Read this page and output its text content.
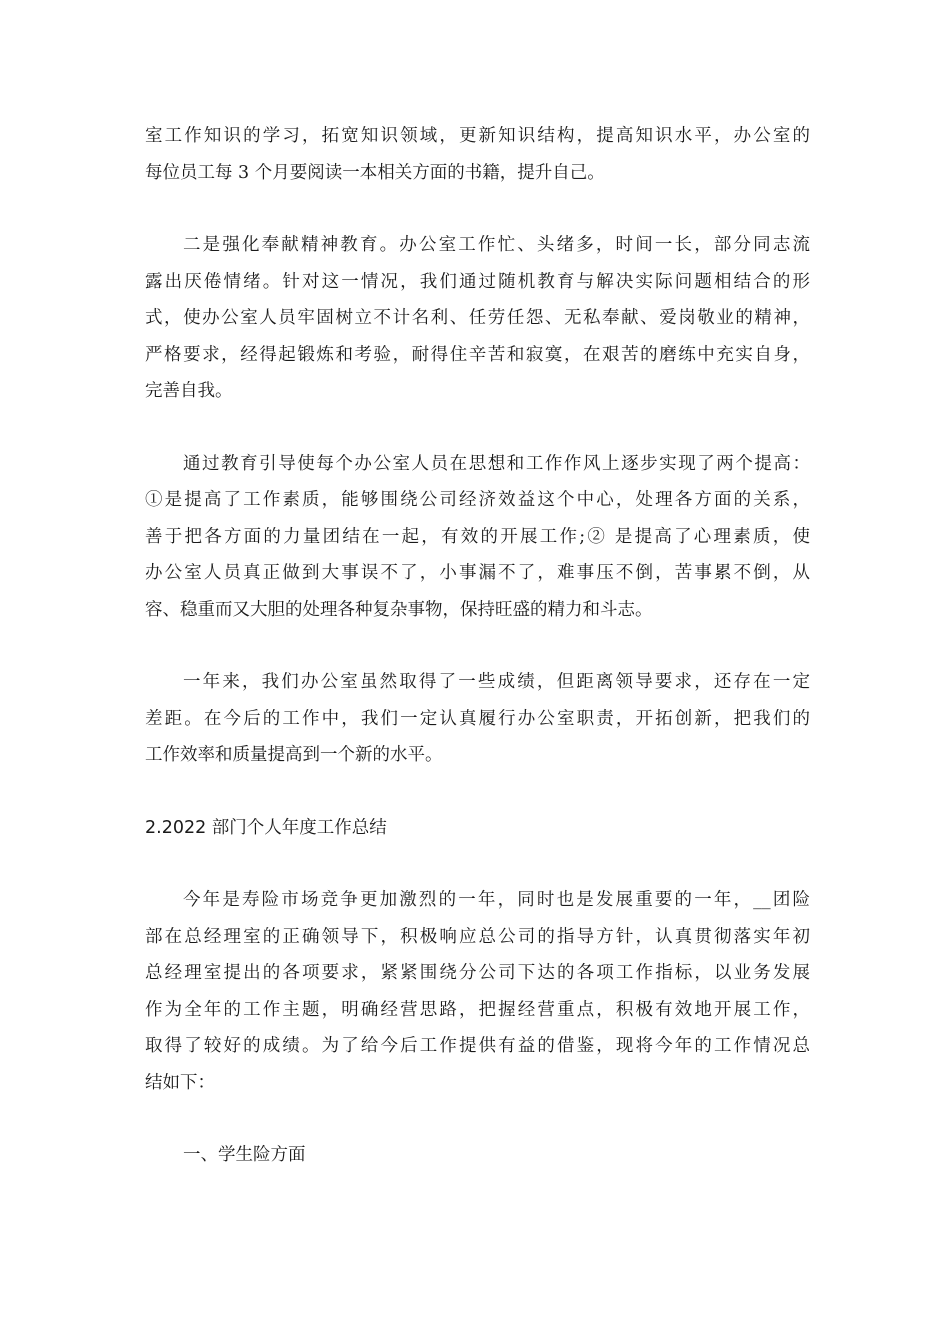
室工作知识的学习，拓宽知识领域，更新知识结构，提高知识水平，办公室的
每位员工每 3 个月要阅读一本相关方面的书籍，提升自己。
二是强化奉献精神教育。办公室工作忙、头绪多，时间一长，部分同志流
露出厌倦情绪。针对这一情况，我们通过随机教育与解决实际问题相结合的形
式，使办公室人员牢固树立不计名利、任劳任怨、无私奉献、爱岗敬业的精神，
严格要求，经得起锻炼和考验，耐得住辛苦和寂寞，在艰苦的磨练中充实自身，
完善自我。
通过教育引导使每个办公室人员在思想和工作作风上逐步实现了两个提高：
①是提高了工作素质，能够围绕公司经济效益这个中心，处理各方面的关系，
善于把各方面的力量团结在一起，有效的开展工作;② 是提高了心理素质，使
办公室人员真正做到大事误不了，小事漏不了，难事压不倒，苦事累不倒，从
容、稳重而又大胆的处理各种复杂事物，保持旺盛的精力和斗志。
一年来，我们办公室虽然取得了一些成绩，但距离领导要求，还存在一定
差距。在今后的工作中，我们一定认真履行办公室职责，开拓创新，把我们的
工作效率和质量提高到一个新的水平。
2.2022 部门个人年度工作总结
今年是寿险市场竞争更加激烈的一年，同时也是发展重要的一年，__团险
部在总经理室的正确领导下，积极响应总公司的指导方针，认真贯彻落实年初
总经理室提出的各项要求，紧紧围绕分公司下达的各项工作指标，以业务发展
作为全年的工作主题，明确经营思路，把握经营重点，积极有效地开展工作，
取得了较好的成绩。为了给今后工作提供有益的借鉴，现将今年的工作情况总
结如下：
一、学生险方面
